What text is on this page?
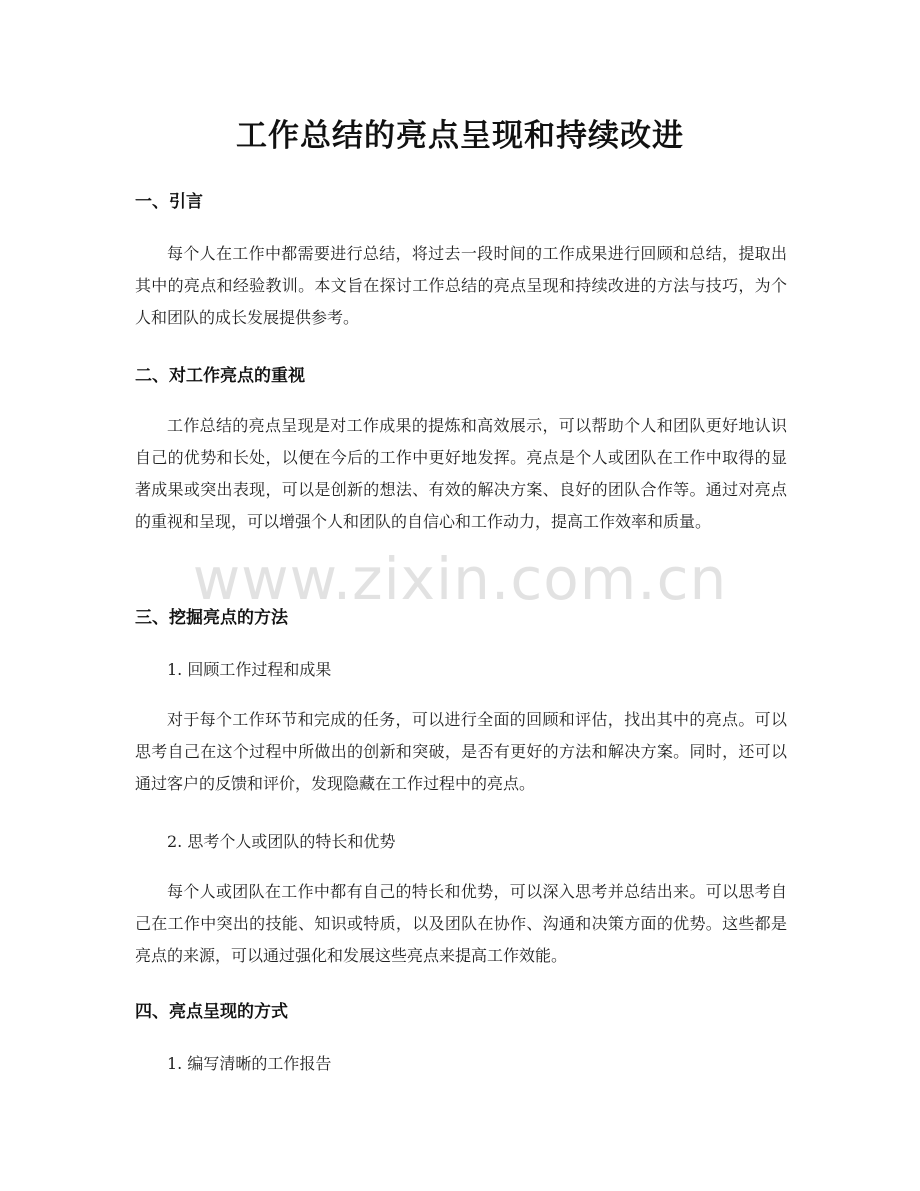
工作总结的亮点呈现和持续改进
一、引言

每个人在工作中都需要进行总结，将过去一段时间的工作成果进行回顾和总结，提取出其中的亮点和经验教训。本文旨在探讨工作总结的亮点呈现和持续改进的方法与技巧，为个人和团队的成长发展提供参考。

二、对工作亮点的重视

工作总结的亮点呈现是对工作成果的提炼和高效展示，可以帮助个人和团队更好地认识自己的优势和长处，以便在今后的工作中更好地发挥。亮点是个人或团队在工作中取得的显著成果或突出表现，可以是创新的想法、有效的解决方案、良好的团队合作等。通过对亮点的重视和呈现，可以增强个人和团队的自信心和工作动力，提高工作效率和质量。

三、挖掘亮点的方法

1. 回顾工作过程和成果

对于每个工作环节和完成的任务，可以进行全面的回顾和评估，找出其中的亮点。可以思考自己在这个过程中所做出的创新和突破，是否有更好的方法和解决方案。同时，还可以通过客户的反馈和评价，发现隐藏在工作过程中的亮点。

2. 思考个人或团队的特长和优势

每个人或团队在工作中都有自己的特长和优势，可以深入思考并总结出来。可以思考自己在工作中突出的技能、知识或特质，以及团队在协作、沟通和决策方面的优势。这些都是亮点的来源，可以通过强化和发展这些亮点来提高工作效能。

四、亮点呈现的方式

1. 编写清晰的工作报告

www.zixin.com.cn
